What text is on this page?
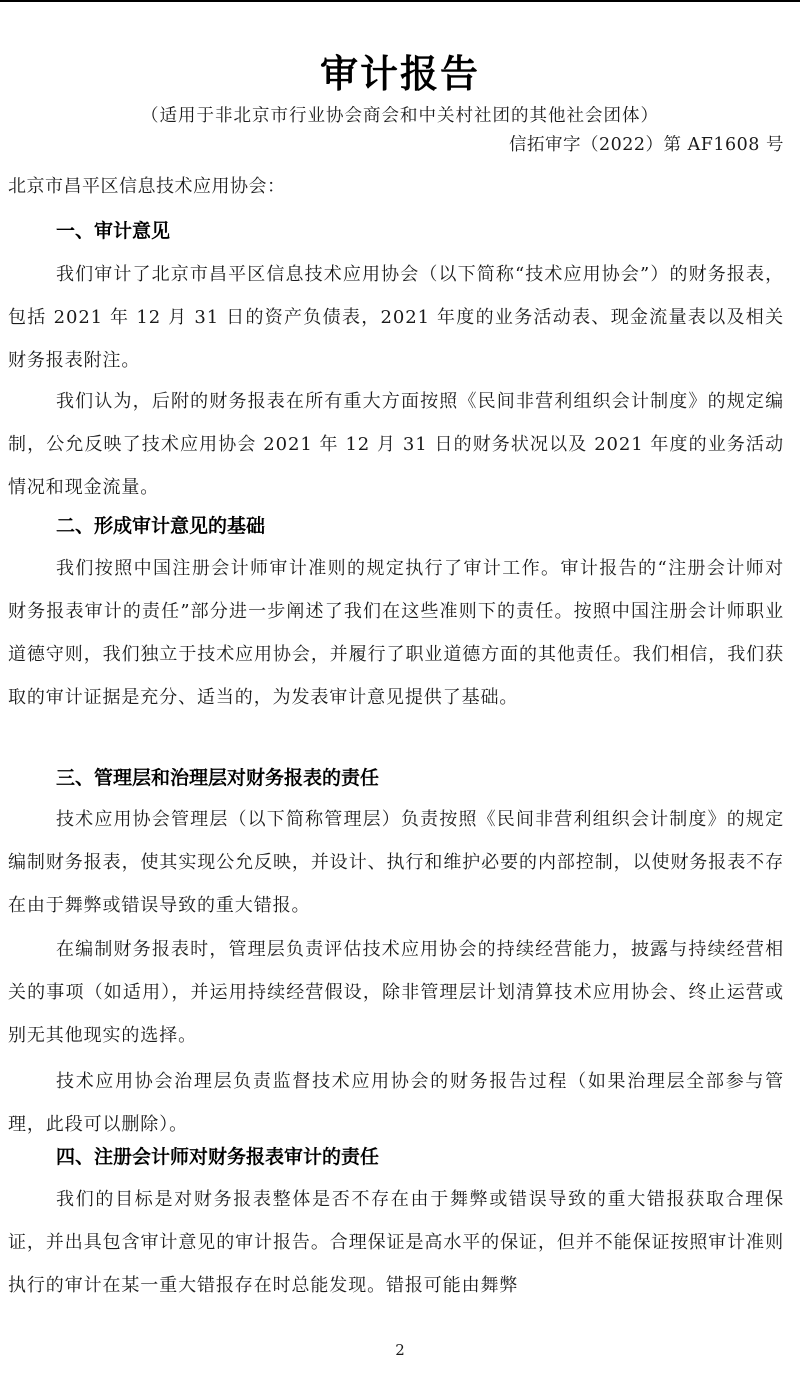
审计报告
（适用于非北京市行业协会商会和中关村社团的其他社会团体）
信拓审字（2022）第 AF1608 号
北京市昌平区信息技术应用协会：
一、审计意见

我们审计了北京市昌平区信息技术应用协会（以下简称“技术应用协会”）的财务报表，包括 2021 年 12 月 31 日的资产负债表，2021 年度的业务活动表、现金流量表以及相关财务报表附注。

我们认为，后附的财务报表在所有重大方面按照《民间非营利组织会计制度》的规定编制，公允反映了技术应用协会 2021 年 12 月 31 日的财务状况以及 2021 年度的业务活动情况和现金流量。

二、形成审计意见的基础

我们按照中国注册会计师审计准则的规定执行了审计工作。审计报告的“注册会计师对财务报表审计的责任”部分进一步阐述了我们在这些准则下的责任。按照中国注册会计师职业道德守则，我们独立于技术应用协会，并履行了职业道德方面的其他责任。我们相信，我们获取的审计证据是充分、适当的，为发表审计意见提供了基础。

三、管理层和治理层对财务报表的责任

技术应用协会管理层（以下简称管理层）负责按照《民间非营利组织会计制度》的规定编制财务报表，使其实现公允反映，并设计、执行和维护必要的内部控制，以使财务报表不存在由于舞弊或错误导致的重大错报。

在编制财务报表时，管理层负责评估技术应用协会的持续经营能力，披露与持续经营相关的事项（如适用），并运用持续经营假设，除非管理层计划清算技术应用协会、终止运营或别无其他现实的选择。

技术应用协会治理层负责监督技术应用协会的财务报告过程（如果治理层全部参与管理，此段可以删除）。

四、注册会计师对财务报表审计的责任

我们的目标是对财务报表整体是否不存在由于舞弊或错误导致的重大错报获取合理保证，并出具包含审计意见的审计报告。合理保证是高水平的保证，但并不能保证按照审计准则执行的审计在某一重大错报存在时总能发现。错报可能由舞弊

2
